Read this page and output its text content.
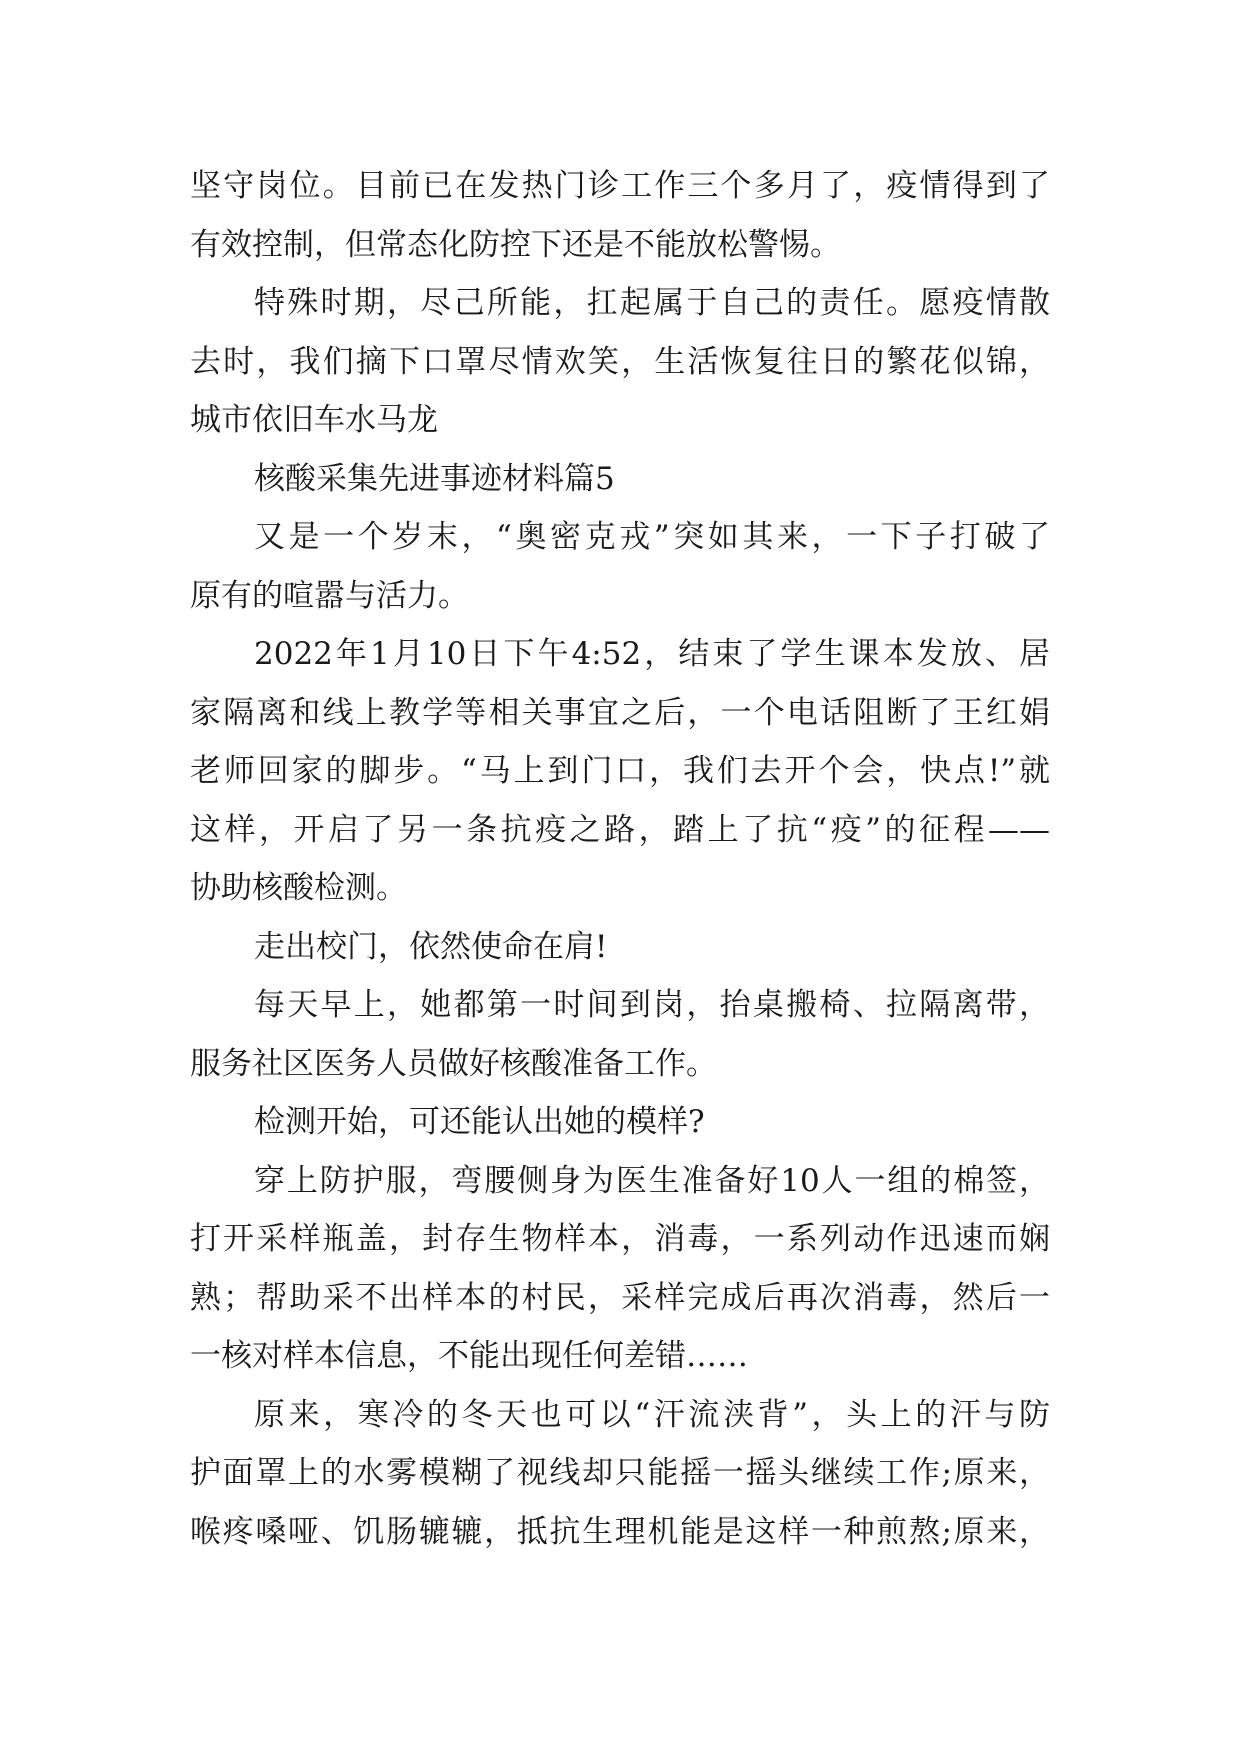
坚守岗位。目前已在发热门诊工作三个多月了，疫情得到了
有效控制，但常态化防控下还是不能放松警惕。
特殊时期，尽己所能，扛起属于自己的责任。愿疫情散
去时，我们摘下口罩尽情欢笑，生活恢复往日的繁花似锦，
城市依旧车水马龙
核酸采集先进事迹材料篇5
又是一个岁末，“奥密克戎”突如其来，一下子打破了
原有的喧嚣与活力。
2022年1月10日下午4:52，结束了学生课本发放、居
家隔离和线上教学等相关事宜之后，一个电话阻断了王红娟
老师回家的脚步。“马上到门口，我们去开个会，快点!”就
这样，开启了另一条抗疫之路，踏上了抗“疫”的征程——
协助核酸检测。
走出校门，依然使命在肩!
每天早上，她都第一时间到岗，抬桌搬椅、拉隔离带，
服务社区医务人员做好核酸准备工作。
检测开始，可还能认出她的模样?
穿上防护服，弯腰侧身为医生准备好10人一组的棉签，
打开采样瓶盖，封存生物样本，消毒，一系列动作迅速而娴
熟；帮助采不出样本的村民，采样完成后再次消毒，然后一
一核对样本信息，不能出现任何差错……
原来，寒冷的冬天也可以“汗流浃背”，头上的汗与防
护面罩上的水雾模糊了视线却只能摇一摇头继续工作;原来，
喉疼嗓哑、饥肠辘辘，抵抗生理机能是这样一种煎熬;原来，
